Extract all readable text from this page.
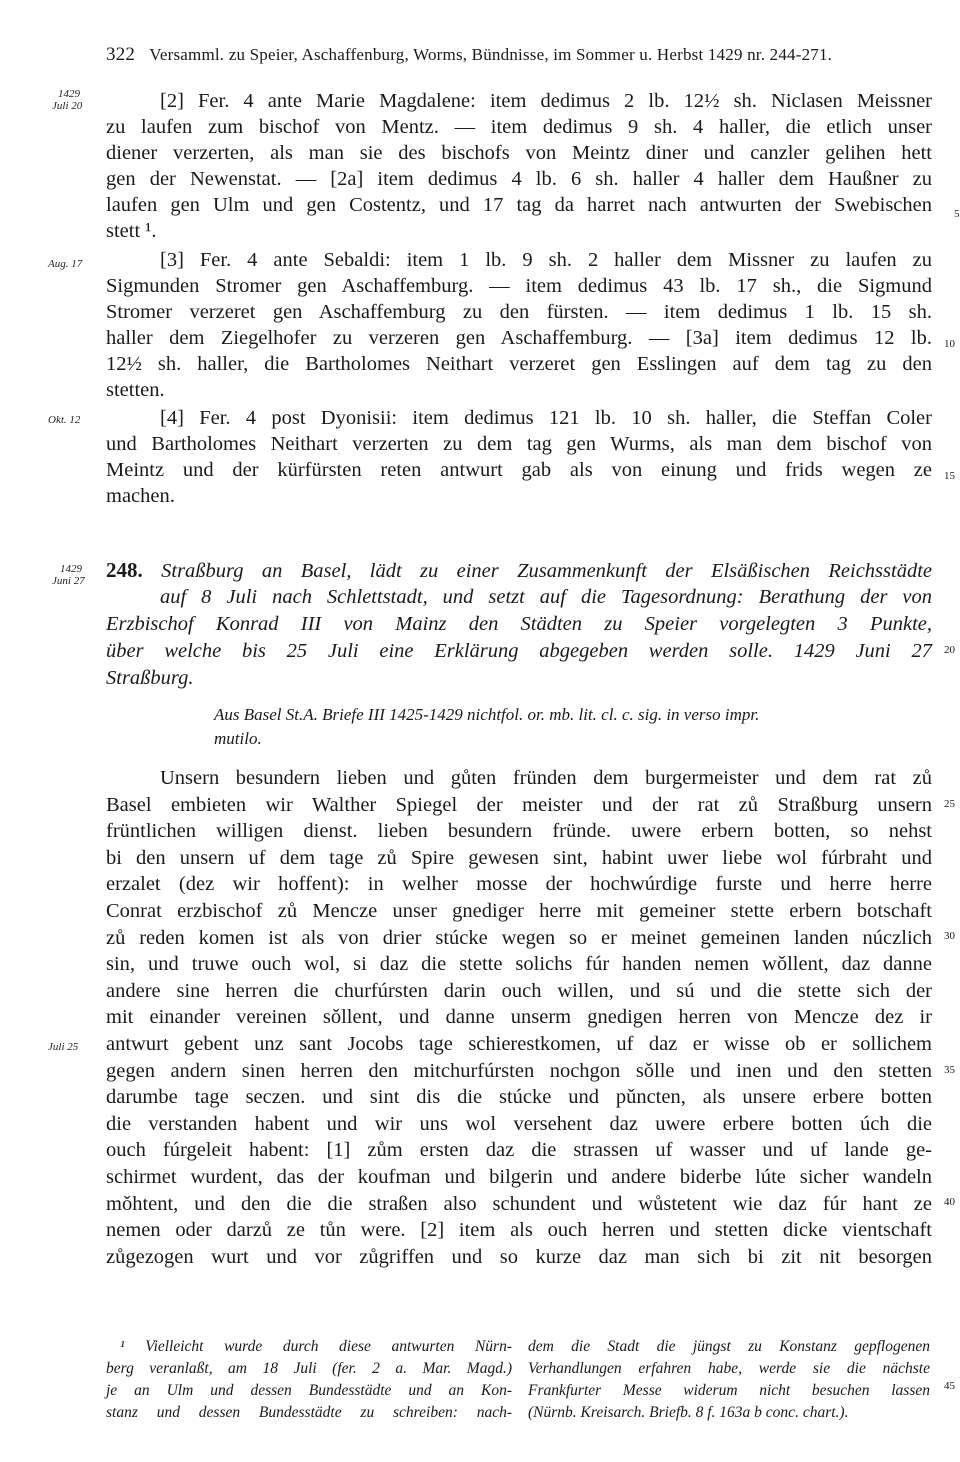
322 Versamml. zu Speier, Aschaffenburg, Worms, Bündnisse, im Sommer u. Herbst 1429 nr. 244-271.
1429
Juli 20
Aug. 17
Okt. 12
1429
Juni 27
Juli 25
5
10
15
20
25
30
35
40
45
[2] Fer. 4 ante Marie Magdalene: item dedimus 2 lb. 12½ sh. Niclasen Meissner
zu laufen zum bischof von Mentz. — item dedimus 9 sh. 4 haller, die etlich unser
diener verzerten, als man sie des bischofs von Meintz diner und canzler gelihen hett
gen der Newenstat. — [2a] item dedimus 4 lb. 6 sh. haller 4 haller dem Haußner zu
laufen gen Ulm und gen Costentz, und 17 tag da harret nach antwurten der Swebischen
stett ¹.
[3] Fer. 4 ante Sebaldi: item 1 lb. 9 sh. 2 haller dem Missner zu laufen zu
Sigmunden Stromer gen Aschaffemburg. — item dedimus 43 lb. 17 sh., die Sigmund
Stromer verzeret gen Aschaffemburg zu den fürsten. — item dedimus 1 lb. 15 sh.
haller dem Ziegelhofer zu verzeren gen Aschaffemburg. — [3a] item dedimus 12 lb.
12½ sh. haller, die Bartholomes Neithart verzeret gen Esslingen auf dem tag zu den
stetten.
[4] Fer. 4 post Dyonisii: item dedimus 121 lb. 10 sh. haller, die Steffan Coler
und Bartholomes Neithart verzerten zu dem tag gen Wurms, als man dem bischof von
Meintz und der kürfürsten reten antwurt gab als von einung und frids wegen ze
machen.
248. Straßburg an Basel, lädt zu einer Zusammenkunft der Elsäßischen Reichsstädte
auf 8 Juli nach Schlettstadt, und setzt auf die Tagesordnung: Berathung der von
Erzbischof Konrad III von Mainz den Städten zu Speier vorgelegten 3 Punkte,
über welche bis 25 Juli eine Erklärung abgegeben werden solle. 1429 Juni 27
Straßburg.
Aus Basel St.A. Briefe III 1425-1429 nichtfol. or. mb. lit. cl. c. sig. in verso impr.
mutilo.
Unsern besundern lieben und gůten fründen dem burgermeister und dem rat zů
Basel embieten wir Walther Spiegel der meister und der rat zů Straßburg unsern
früntlichen willigen dienst. lieben besundern fründe. uwere erbern botten, so nehst
bi den unsern uf dem tage zů Spire gewesen sint, habint uwer liebe wol fúrbraht und
erzalet (dez wir hoffent): in welher mosse der hochwúrdige furste und herre herre
Conrat erzbischof zů Mencze unser gnediger herre mit gemeiner stette erbern botschaft
zů reden komen ist als von drier stúcke wegen so er meinet gemeinen landen núczlich
sin, und truwe ouch wol, si daz die stette solichs fúr handen nemen wǒllent, daz danne
andere sine herren die churfúrsten darin ouch willen, und sú und die stette sich der
mit einander vereinen sǒllent, und danne unserm gnedigen herren von Mencze dez ir
antwurt gebent unz sant Jocobs tage schierestkomen, uf daz er wisse ob er sollichem
gegen andern sinen herren den mitchurfúrsten nochgon sǒlle und inen und den stetten
darumbe tage seczen. und sint dis die stúcke und pǔncten, als unsere erbere botten
die verstanden habent und wir uns wol versehent daz uwere erbere botten úch die
ouch fúrgeleit habent: [1] zům ersten daz die strassen uf wasser und uf lande ge-
schirmet wurdent, das der koufman und bilgerin und andere biderbe lúte sicher wandeln
mǒhtent, und den die die straßen also schundent und wůstetent wie daz fúr hant ze
nemen oder darzů ze tůn were. [2] item als ouch herren und stetten dicke vientschaft
zůgezogen wurt und vor zůgriffen und so kurze daz man sich bi zit nit besorgen
¹ Vielleicht wurde durch diese antwurten Nürn-
berg veranlaßt, am 18 Juli (fer. 2 a. Mar. Magd.)
je an Ulm und dessen Bundesstädte und an Kon-
stanz und dessen Bundesstädte zu schreiben: nach-
dem die Stadt die jüngst zu Konstanz gepflogenen
Verhandlungen erfahren habe, werde sie die nächste
Frankfurter Messe widerum nicht besuchen lassen
(Nürnb. Kreisarch. Briefb. 8 f. 163a b conc. chart.).
